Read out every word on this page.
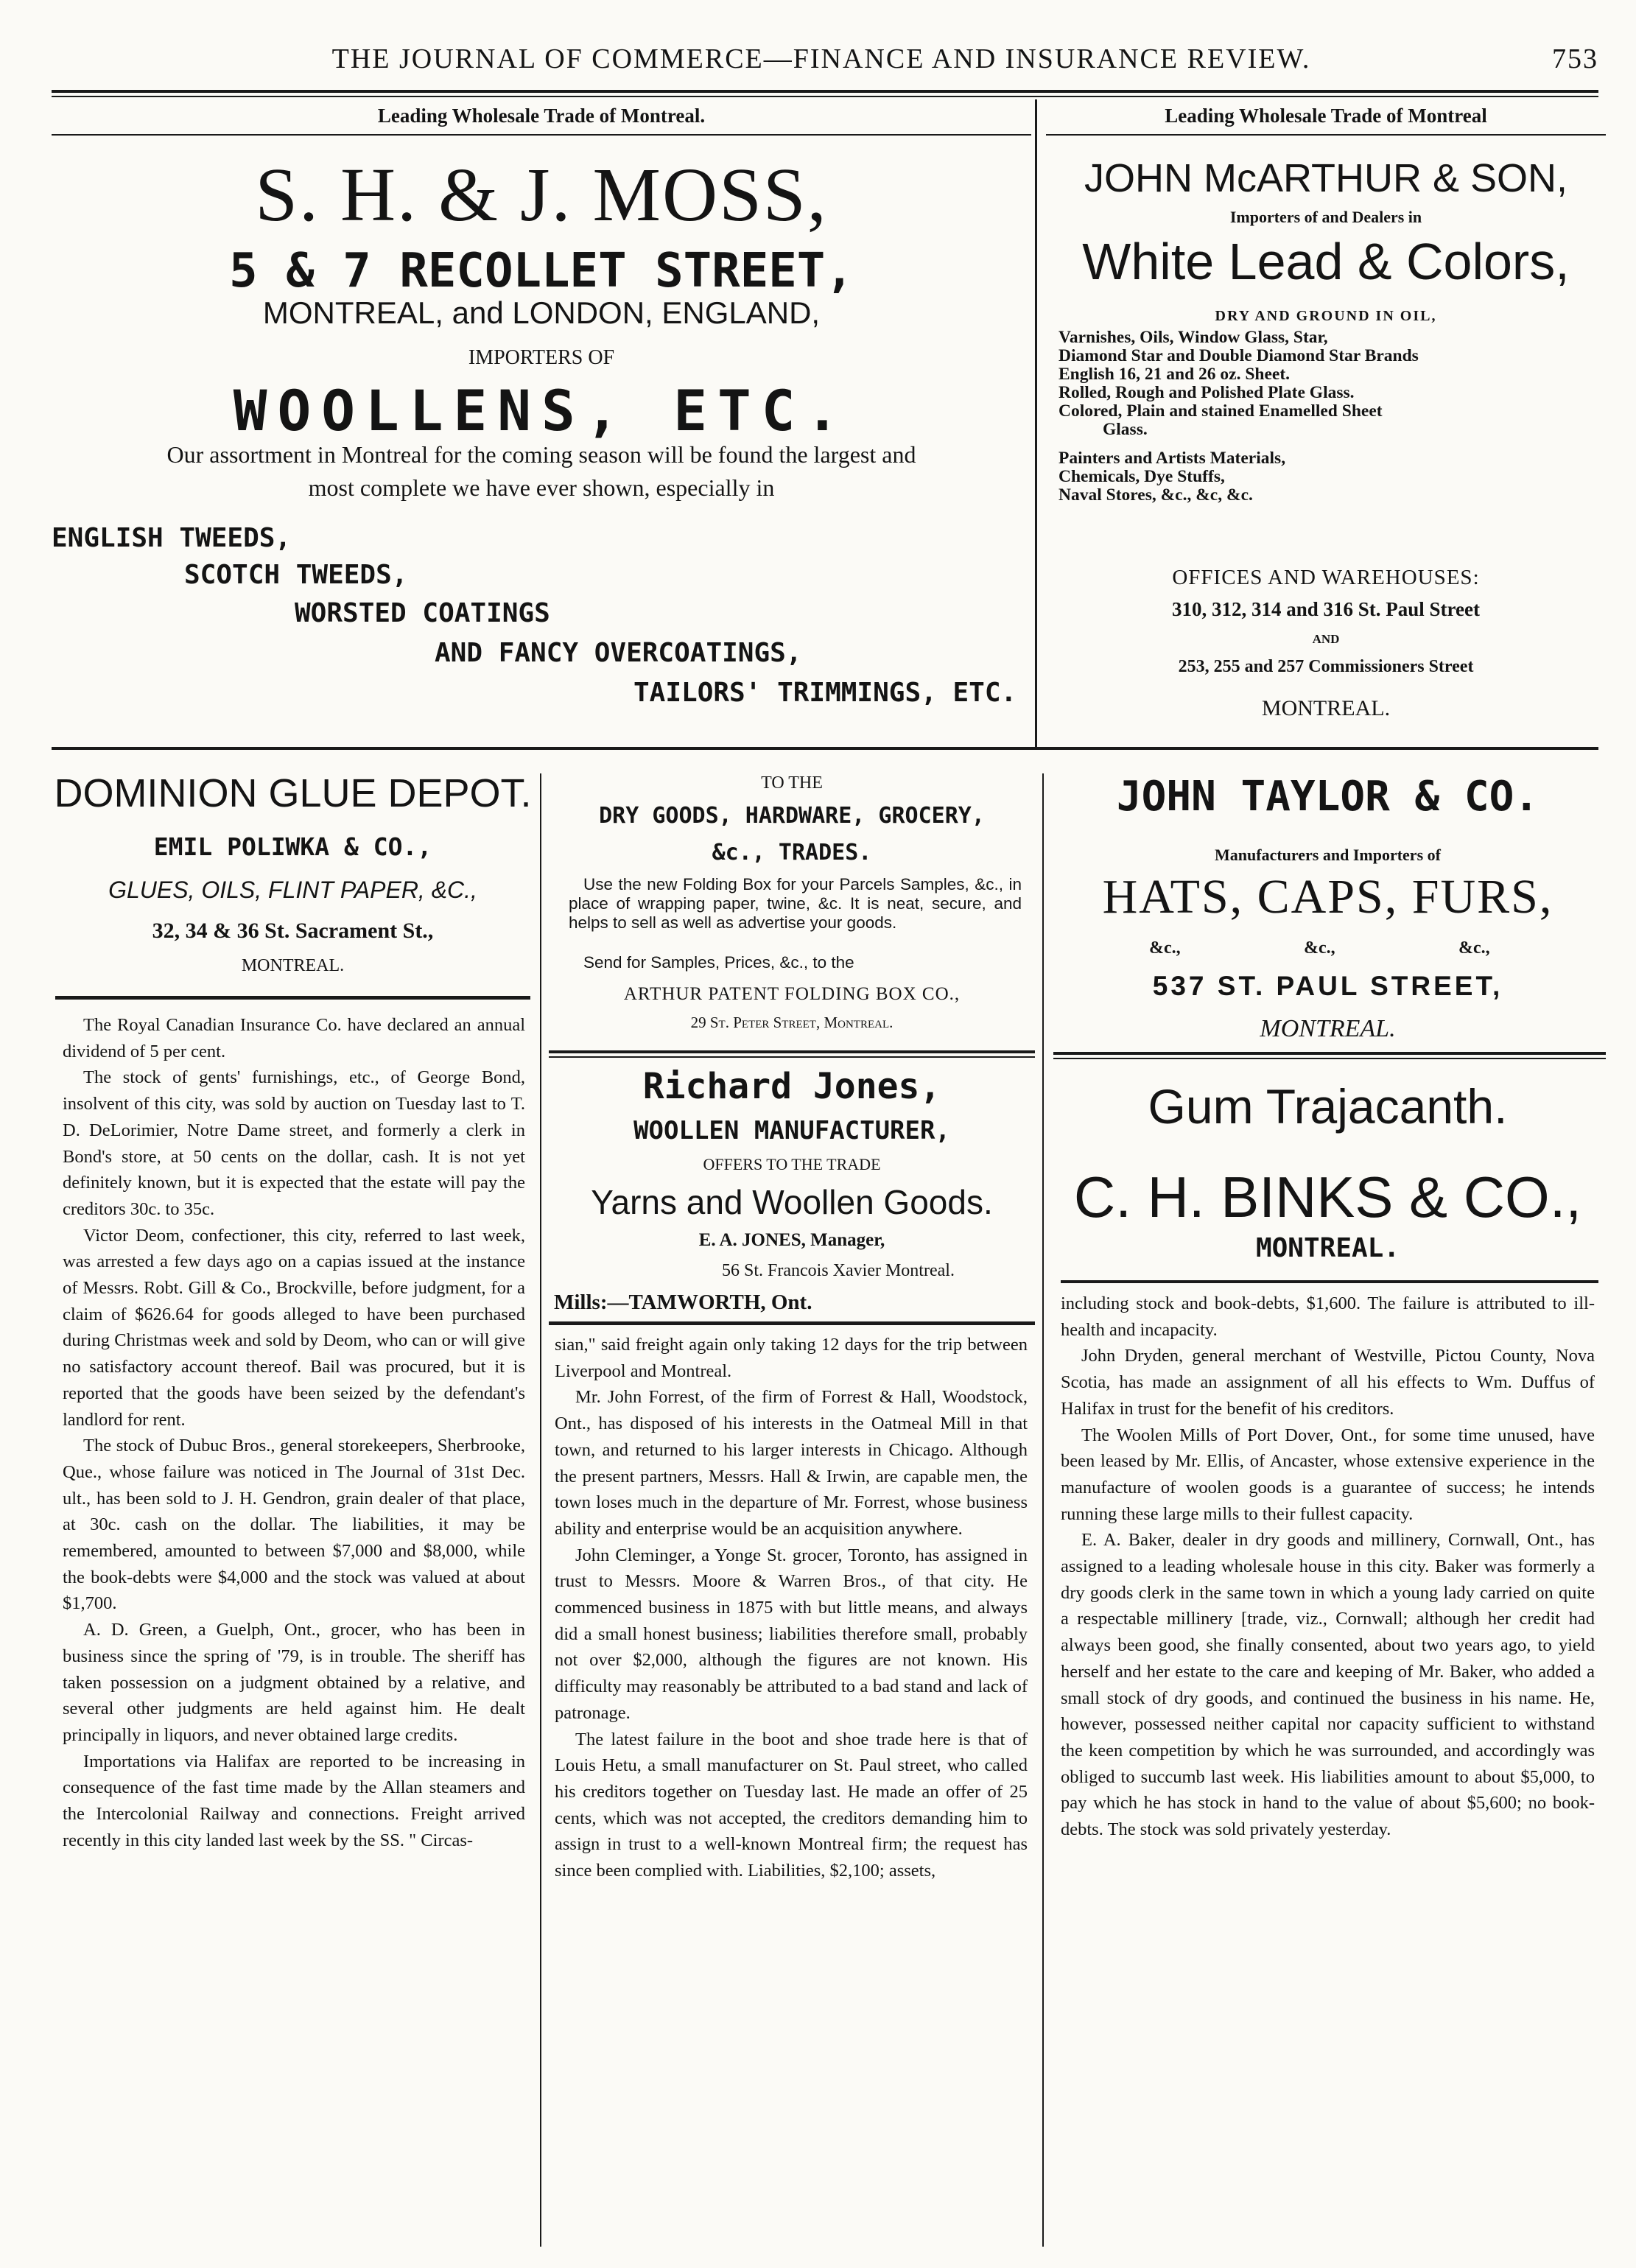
THE JOURNAL OF COMMERCE—FINANCE AND INSURANCE REVIEW.	753
Leading Wholesale Trade of Montreal.
S. H. & J. MOSS,
5 & 7 RECOLLET STREET,
MONTREAL, and LONDON, ENGLAND,
IMPORTERS OF
WOOLLENS, ETC.
Our assortment in Montreal for the coming season will be found the largest and
most complete we have ever shown, especially in
ENGLISH TWEEDS,
SCOTCH TWEEDS,
WORSTED COATINGS
AND FANCY OVERCOATINGS,
TAILORS' TRIMMINGS, ETC.
Leading Wholesale Trade of Montreal
JOHN McARTHUR & SON,
Importers of and Dealers in
White Lead & Colors,
DRY AND GROUND IN OIL,
Varnishes, Oils, Window Glass, Star,
Diamond Star and Double Diamond Star Brands
English 16, 21 and 26 oz. Sheet.
Rolled, Rough and Polished Plate Glass.
Colored, Plain and stained Enamelled Sheet
Glass.
Painters and Artists Materials,
Chemicals, Dye Stuffs,
Naval Stores, &c., &c, &c.
OFFICES AND WAREHOUSES:
310, 312, 314 and 316 St. Paul Street
AND
253, 255 and 257 Commissioners Street
MONTREAL.
DOMINION GLUE DEPOT.
EMIL POLIWKA & CO.,
GLUES, OILS, FLINT PAPER, &C.,
32, 34 & 36 St. Sacrament St.,
MONTREAL.

The Royal Canadian Insurance Co. have declared an annual dividend of 5 per cent.

The stock of gents' furnishings, etc., of George Bond, insolvent of this city, was sold by auction on Tuesday last to T. D. DeLorimier, Notre Dame street, and formerly a clerk in Bond's store, at 50 cents on the dollar, cash. It is not yet definitely known, but it is expected that the estate will pay the creditors 30c. to 35c.

Victor Deom, confectioner, this city, referred to last week, was arrested a few days ago on a capias issued at the instance of Messrs. Robt. Gill & Co., Brockville, before judgment, for a claim of $626.64 for goods alleged to have been purchased during Christmas week and sold by Deom, who can or will give no satisfactory account thereof. Bail was procured, but it is reported that the goods have been seized by the defendant's landlord for rent.

The stock of Dubuc Bros., general storekeepers, Sherbrooke, Que., whose failure was noticed in The Journal of 31st Dec. ult., has been sold to J. H. Gendron, grain dealer of that place, at 30c. cash on the dollar. The liabilities, it may be remembered, amounted to between $7,000 and $8,000, while the book-debts were $4,000 and the stock was valued at about $1,700.

A. D. Green, a Guelph, Ont., grocer, who has been in business since the spring of '79, is in trouble. The sheriff has taken possession on a judgment obtained by a relative, and several other judgments are held against him. He dealt principally in liquors, and never obtained large credits.

Importations via Halifax are reported to be increasing in consequence of the fast time made by the Allan steamers and the Intercolonial Railway and connections. Freight arrived recently in this city landed last week by the SS. " Circas-

TO THE
DRY GOODS, HARDWARE, GROCERY,
&c., TRADES.
Use the new Folding Box for your Parcels Samples, &c., in place of wrapping paper, twine, &c. It is neat, secure, and helps to sell as well as advertise your goods.
Send for Samples, Prices, &c., to the
ARTHUR PATENT FOLDING BOX CO.,
29 St. Peter Street, Montreal.
Richard Jones,
WOOLLEN MANUFACTURER,
OFFERS TO THE TRADE
Yarns and Woollen Goods.
E. A. JONES, Manager,
56 St. Francois Xavier Montreal.
Mills:—TAMWORTH, Ont.

sian," said freight again only taking 12 days for the trip between Liverpool and Montreal.

Mr. John Forrest, of the firm of Forrest & Hall, Woodstock, Ont., has disposed of his interests in the Oatmeal Mill in that town, and returned to his larger interests in Chicago. Although the present partners, Messrs. Hall & Irwin, are capable men, the town loses much in the departure of Mr. Forrest, whose business ability and enterprise would be an acquisition anywhere.

John Cleminger, a Yonge St. grocer, Toronto, has assigned in trust to Messrs. Moore & Warren Bros., of that city. He commenced business in 1875 with but little means, and always did a small honest business; liabilities therefore small, probably not over $2,000, although the figures are not known. His difficulty may reasonably be attributed to a bad stand and lack of patronage.

The latest failure in the boot and shoe trade here is that of Louis Hetu, a small manufacturer on St. Paul street, who called his creditors together on Tuesday last. He made an offer of 25 cents, which was not accepted, the creditors demanding him to assign in trust to a well-known Montreal firm; the request has since been complied with. Liabilities, $2,100; assets,

JOHN TAYLOR & CO.
Manufacturers and Importers of
HATS, CAPS, FURS,
&c.,	&c.,	&c.,
537 ST. PAUL STREET,
MONTREAL.
Gum Trajacanth.
C. H. BINKS & CO.,
MONTREAL.

including stock and book-debts, $1,600. The failure is attributed to ill-health and incapacity.

John Dryden, general merchant of Westville, Pictou County, Nova Scotia, has made an assignment of all his effects to Wm. Duffus of Halifax in trust for the benefit of his creditors.

The Woolen Mills of Port Dover, Ont., for some time unused, have been leased by Mr. Ellis, of Ancaster, whose extensive experience in the manufacture of woolen goods is a guarantee of success; he intends running these large mills to their fullest capacity.

E. A. Baker, dealer in dry goods and millinery, Cornwall, Ont., has assigned to a leading wholesale house in this city. Baker was formerly a dry goods clerk in the same town in which a young lady carried on quite a respectable millinery [trade, viz., Cornwall; although her credit had always been good, she finally consented, about two years ago, to yield herself and her estate to the care and keeping of Mr. Baker, who added a small stock of dry goods, and continued the business in his name. He, however, possessed neither capital nor capacity sufficient to withstand the keen competition by which he was surrounded, and accordingly was obliged to succumb last week. His liabilities amount to about $5,000, to pay which he has stock in hand to the value of about $5,600; no book-debts. The stock was sold privately yesterday.
